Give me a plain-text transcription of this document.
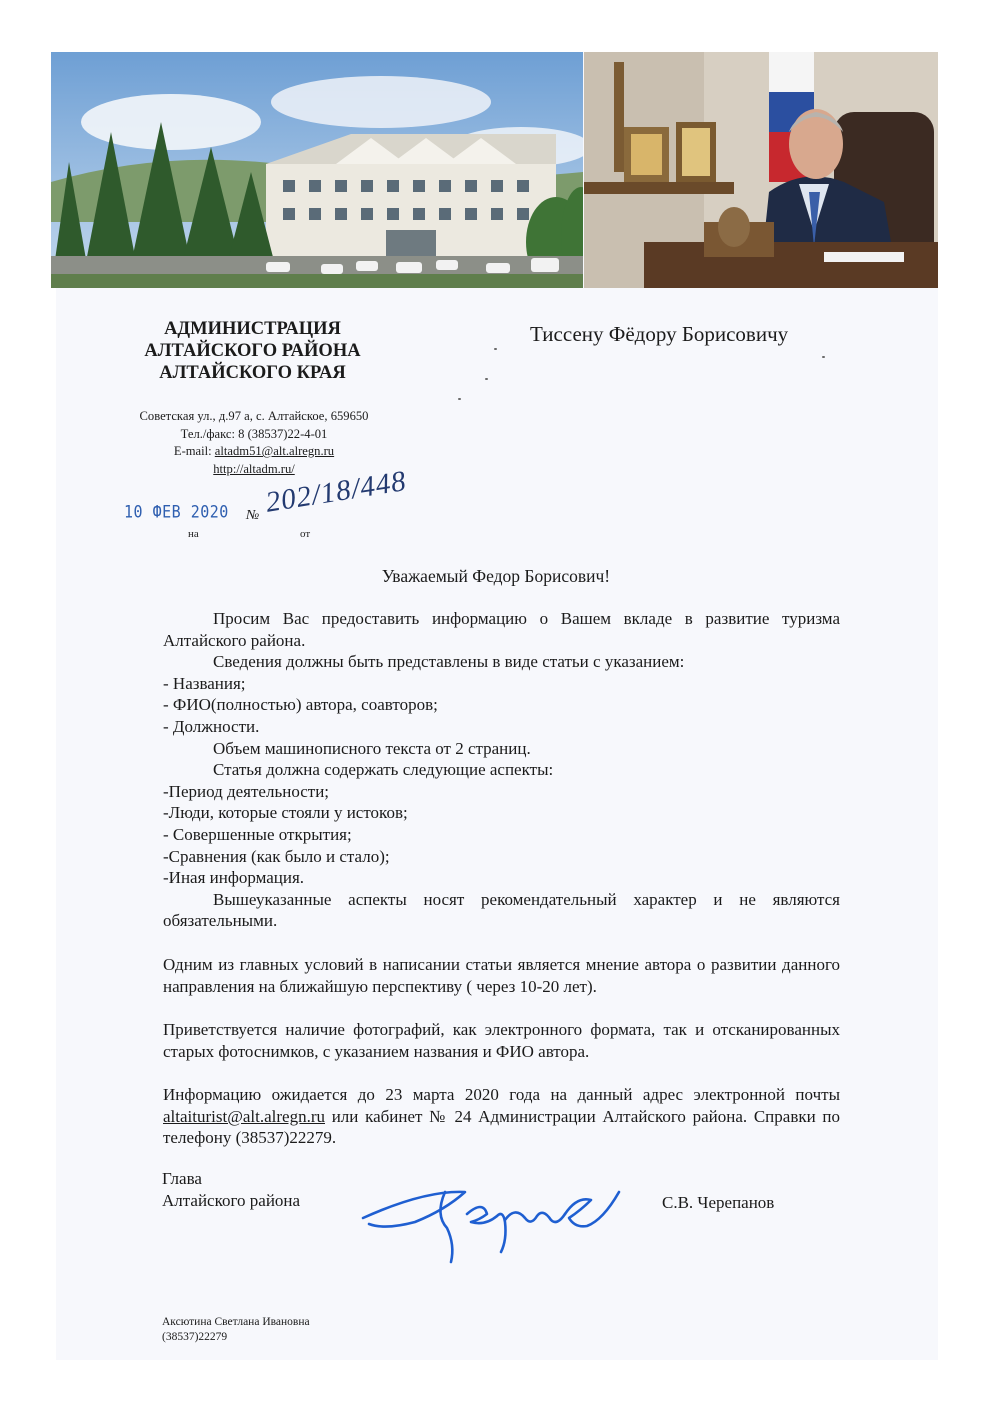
АДМИНИСТРАЦИЯ
АЛТАЙСКОГО РАЙОНА
АЛТАЙСКОГО КРАЯ
Советская ул., д.97 а, с. Алтайское, 659650
Тел./факс: 8 (38537)22-4-01
E-mail: altadm51@alt.alregn.ru
http://altadm.ru/
Тиссену Фёдору Борисовичу
10 ФЕВ 2020
на
№ 202/18/448
от
Уважаемый Федор Борисович!

Просим Вас предоставить информацию о Вашем вкладе в развитие туризма Алтайского района.

Сведения должны быть представлены в виде статьи с указанием:

- Названия;

- ФИО(полностью) автора, соавторов;

- Должности.

Объем машинописного текста от 2 страниц.

Статья должна содержать следующие аспекты:

-Период деятельности;

-Люди, которые стояли у истоков;

- Совершенные открытия;

-Сравнения (как было и стало);

-Иная информация.

Вышеуказанные аспекты носят рекомендательный характер и не являются обязательными.

Одним из главных условий в написании статьи является мнение автора о развитии данного направления на ближайшую перспективу ( через 10-20 лет).

Приветствуется наличие фотографий, как электронного формата, так и отсканированных старых фотоснимков, с указанием названия и ФИО автора.

Информацию ожидается до 23 марта 2020 года на данный адрес электронной почты altaiturist@alt.alregn.ru или кабинет № 24 Администрации Алтайского района. Справки по телефону (38537)22279.

Глава
Алтайского района	С.В. Черепанов
Аксютина Светлана Ивановна
(38537)22279
